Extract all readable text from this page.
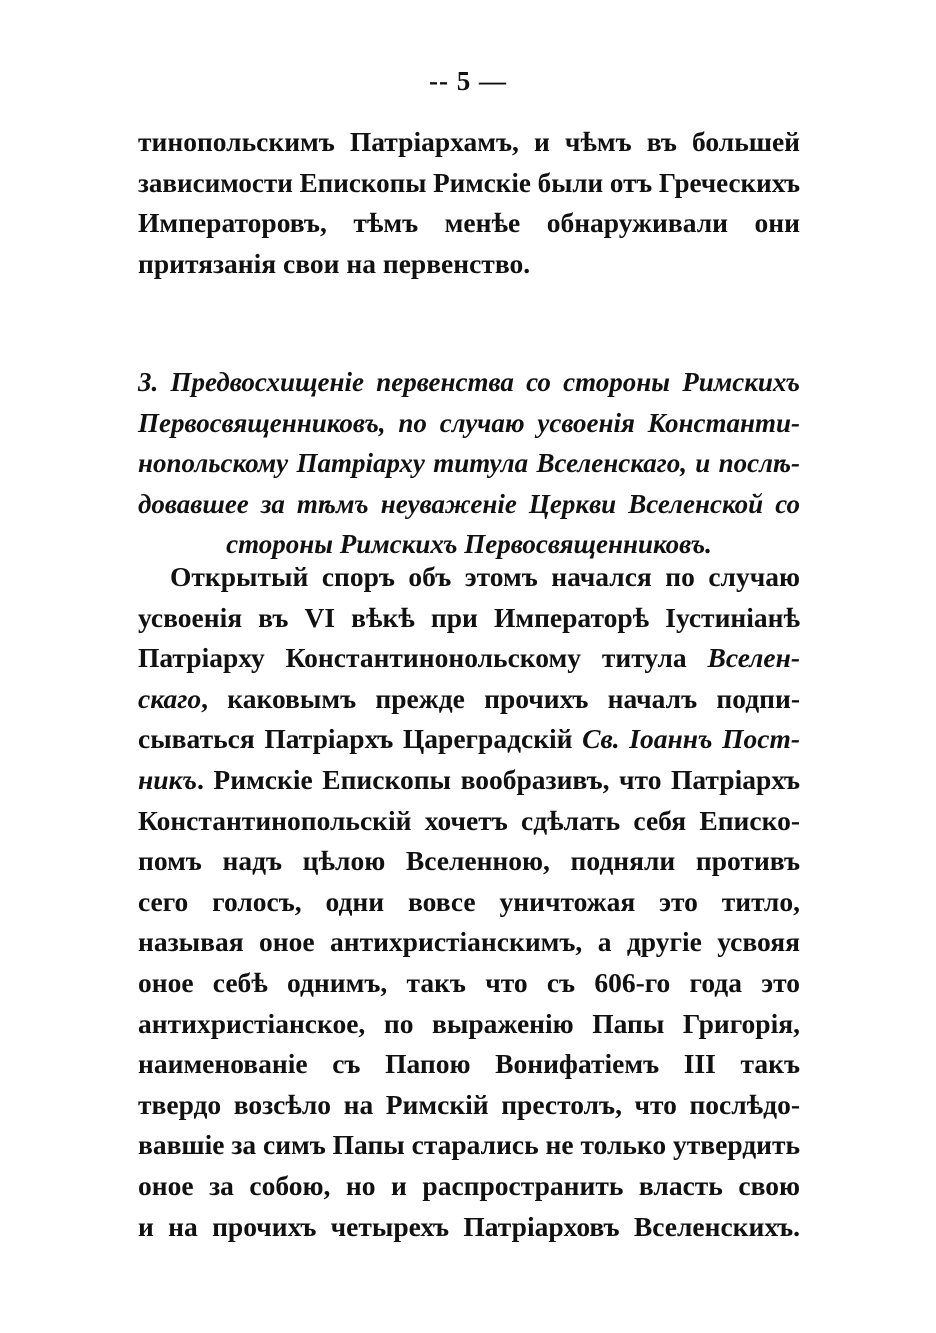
-- 5 —
тинопольскимъ Патріархамъ, и чѣмъ въ большей
зависимости Епископы Римскіе были отъ Греческихъ
Императоровъ, тѣмъ менѣе обнаруживали они
притязанія свои на первенство.
3. Предвосхищеніе первенства со стороны Римскихъ
Первосвященниковъ, по случаю усвоенія Константи-
нопольскому Патріарху титула Вселенскаго, и послѣ-
довавшее за тѣмъ неуваженіе Церкви Вселенской со
стороны Римскихъ Первосвященниковъ.
Открытый споръ объ этомъ начался по случаю
усвоенія въ VI вѣкѣ при Императорѣ Іустиніанѣ
Патріарху Константинонольскому титула Вселен-
скаго, каковымъ прежде прочихъ началъ подпи-
сываться Патріархъ Цареградскій Св. Іоаннъ Пост-
никъ. Римскіе Епископы вообразивъ, что Патріархъ
Константинопольскій хочетъ сдѣлать себя Еписко-
помъ надъ цѣлою Вселенною, подняли противъ
сего голосъ, одни вовсе уничтожая это титло,
называя оное антихристіанскимъ, а другіе усвояя
оное себѣ однимъ, такъ что съ 606-го года это
антихристіанское, по выраженію Папы Григорія,
наименованіе съ Папою Вонифатіемъ III такъ
твердо возсѣло на Римскій престолъ, что послѣдо-
вавшіе за симъ Папы старались не только утвердить
оное за собою, но и распространить власть свою
и на прочихъ четырехъ Патріарховъ Вселенскихъ.
